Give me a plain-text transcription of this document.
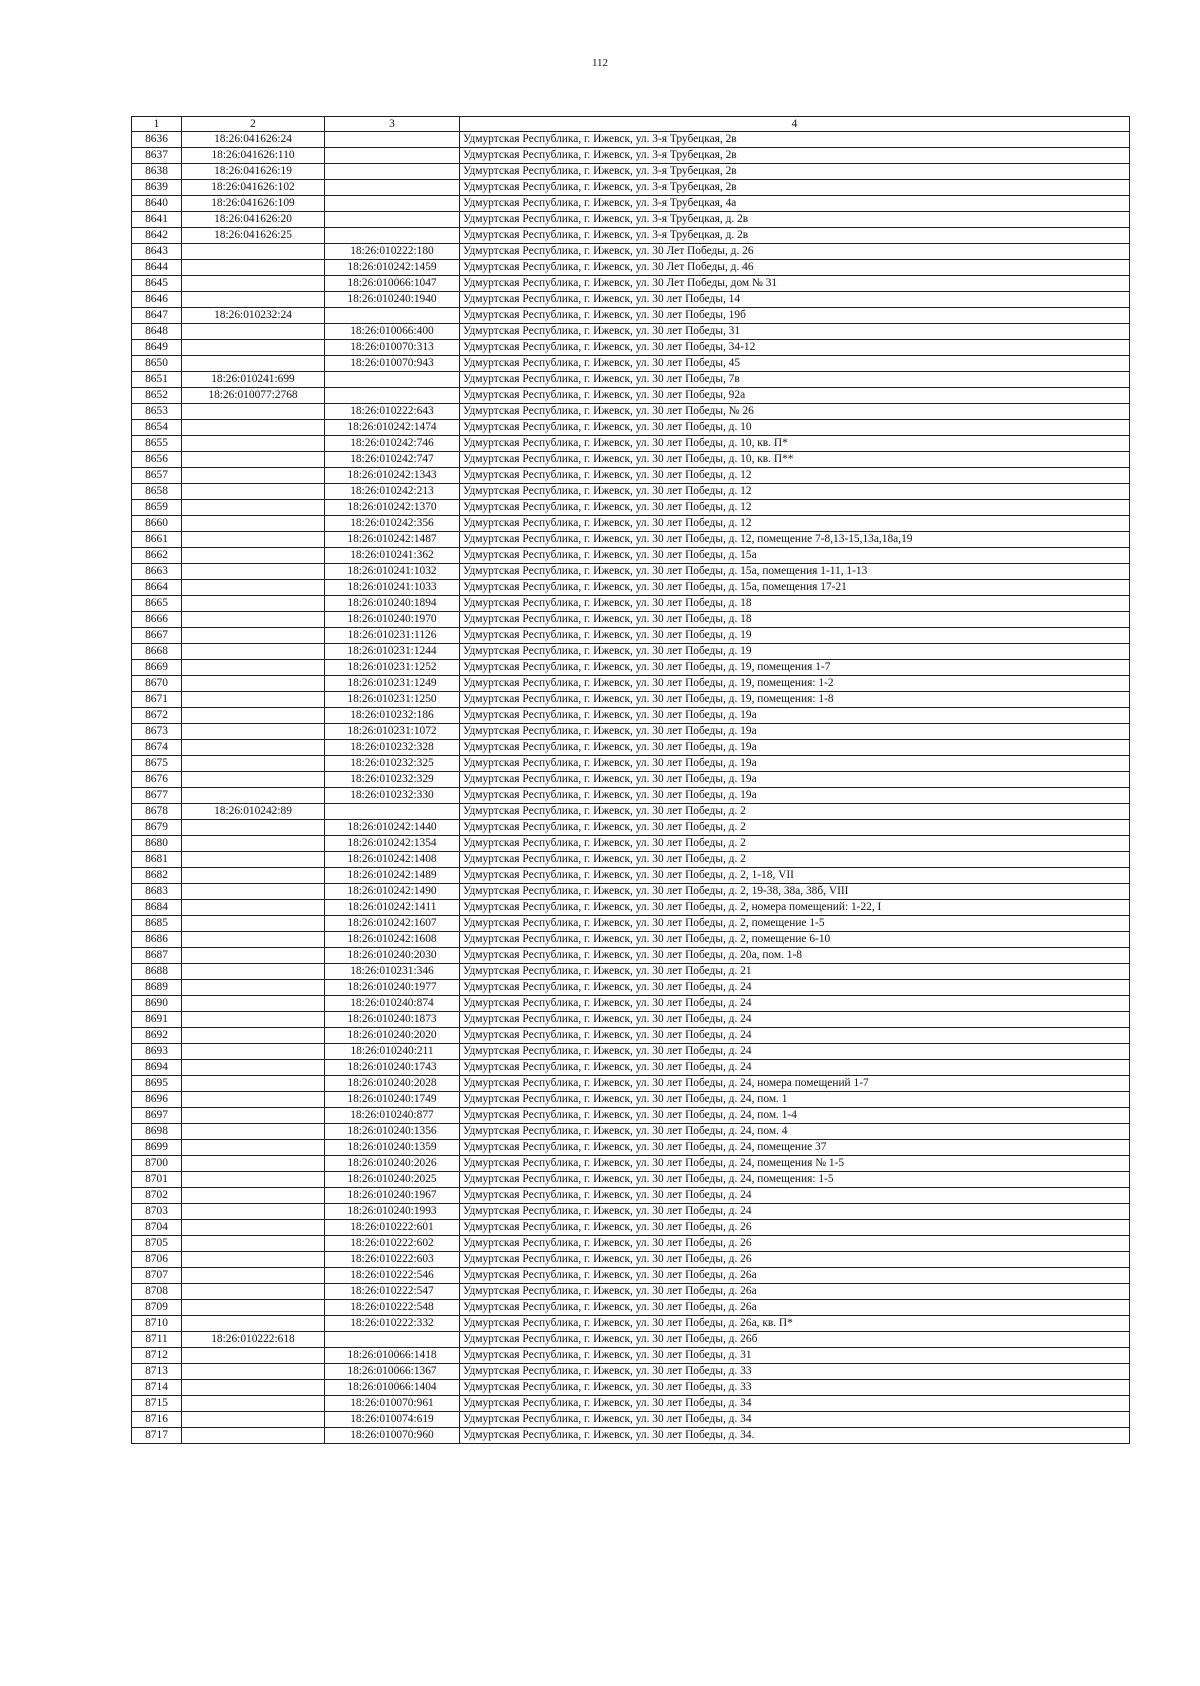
112
1	2	3	4
8636	18:26:041626:24		Удмуртская Республика, г. Ижевск, ул. 3-я Трубецкая, 2в
8637	18:26:041626:110		Удмуртская Республика, г. Ижевск, ул. 3-я Трубецкая, 2в
8638	18:26:041626:19		Удмуртская Республика, г. Ижевск, ул. 3-я Трубецкая, 2в
8639	18:26:041626:102		Удмуртская Республика, г. Ижевск, ул. 3-я Трубецкая, 2в
8640	18:26:041626:109		Удмуртская Республика, г. Ижевск, ул. 3-я Трубецкая, 4а
8641	18:26:041626:20		Удмуртская Республика, г. Ижевск, ул. 3-я Трубецкая, д. 2в
8642	18:26:041626:25		Удмуртская Республика, г. Ижевск, ул. 3-я Трубецкая, д. 2в
8643		18:26:010222:180	Удмуртская Республика, г. Ижевск, ул. 30 Лет Победы, д. 26
8644		18:26:010242:1459	Удмуртская Республика, г. Ижевск, ул. 30 Лет Победы, д. 46
8645		18:26:010066:1047	Удмуртская Республика, г. Ижевск, ул. 30 Лет Победы, дом № 31
8646		18:26:010240:1940	Удмуртская Республика, г. Ижевск, ул. 30 лет Победы, 14
8647	18:26:010232:24		Удмуртская Республика, г. Ижевск, ул. 30 лет Победы, 19б
8648		18:26:010066:400	Удмуртская Республика, г. Ижевск, ул. 30 лет Победы, 31
8649		18:26:010070:313	Удмуртская Республика, г. Ижевск, ул. 30 лет Победы, 34-12
8650		18:26:010070:943	Удмуртская Республика, г. Ижевск, ул. 30 лет Победы, 45
8651	18:26:010241:699		Удмуртская Республика, г. Ижевск, ул. 30 лет Победы, 7в
8652	18:26:010077:2768		Удмуртская Республика, г. Ижевск, ул. 30 лет Победы, 92а
8653		18:26:010222:643	Удмуртская Республика, г. Ижевск, ул. 30 лет Победы, № 26
8654		18:26:010242:1474	Удмуртская Республика, г. Ижевск, ул. 30 лет Победы, д. 10
8655		18:26:010242:746	Удмуртская Республика, г. Ижевск, ул. 30 лет Победы, д. 10, кв. П*
8656		18:26:010242:747	Удмуртская Республика, г. Ижевск, ул. 30 лет Победы, д. 10, кв. П**
8657		18:26:010242:1343	Удмуртская Республика, г. Ижевск, ул. 30 лет Победы, д. 12
8658		18:26:010242:213	Удмуртская Республика, г. Ижевск, ул. 30 лет Победы, д. 12
8659		18:26:010242:1370	Удмуртская Республика, г. Ижевск, ул. 30 лет Победы, д. 12
8660		18:26:010242:356	Удмуртская Республика, г. Ижевск, ул. 30 лет Победы, д. 12
8661		18:26:010242:1487	Удмуртская Республика, г. Ижевск, ул. 30 лет Победы, д. 12, помещение 7-8,13-15,13а,18а,19
8662		18:26:010241:362	Удмуртская Республика, г. Ижевск, ул. 30 лет Победы, д. 15а
8663		18:26:010241:1032	Удмуртская Республика, г. Ижевск, ул. 30 лет Победы, д. 15а, помещения 1-11, 1-13
8664		18:26:010241:1033	Удмуртская Республика, г. Ижевск, ул. 30 лет Победы, д. 15а, помещения 17-21
8665		18:26:010240:1894	Удмуртская Республика, г. Ижевск, ул. 30 лет Победы, д. 18
8666		18:26:010240:1970	Удмуртская Республика, г. Ижевск, ул. 30 лет Победы, д. 18
8667		18:26:010231:1126	Удмуртская Республика, г. Ижевск, ул. 30 лет Победы, д. 19
8668		18:26:010231:1244	Удмуртская Республика, г. Ижевск, ул. 30 лет Победы, д. 19
8669		18:26:010231:1252	Удмуртская Республика, г. Ижевск, ул. 30 лет Победы, д. 19, помещения 1-7
8670		18:26:010231:1249	Удмуртская Республика, г. Ижевск, ул. 30 лет Победы, д. 19, помещения: 1-2
8671		18:26:010231:1250	Удмуртская Республика, г. Ижевск, ул. 30 лет Победы, д. 19, помещения: 1-8
8672		18:26:010232:186	Удмуртская Республика, г. Ижевск, ул. 30 лет Победы, д. 19а
8673		18:26:010231:1072	Удмуртская Республика, г. Ижевск, ул. 30 лет Победы, д. 19а
8674		18:26:010232:328	Удмуртская Республика, г. Ижевск, ул. 30 лет Победы, д. 19а
8675		18:26:010232:325	Удмуртская Республика, г. Ижевск, ул. 30 лет Победы, д. 19а
8676		18:26:010232:329	Удмуртская Республика, г. Ижевск, ул. 30 лет Победы, д. 19а
8677		18:26:010232:330	Удмуртская Республика, г. Ижевск, ул. 30 лет Победы, д. 19а
8678	18:26:010242:89		Удмуртская Республика, г. Ижевск, ул. 30 лет Победы, д. 2
8679		18:26:010242:1440	Удмуртская Республика, г. Ижевск, ул. 30 лет Победы, д. 2
8680		18:26:010242:1354	Удмуртская Республика, г. Ижевск, ул. 30 лет Победы, д. 2
8681		18:26:010242:1408	Удмуртская Республика, г. Ижевск, ул. 30 лет Победы, д. 2
8682		18:26:010242:1489	Удмуртская Республика, г. Ижевск, ул. 30 лет Победы, д. 2, 1-18, VII
8683		18:26:010242:1490	Удмуртская Республика, г. Ижевск, ул. 30 лет Победы, д. 2, 19-38, 38а, 38б, VIII
8684		18:26:010242:1411	Удмуртская Республика, г. Ижевск, ул. 30 лет Победы, д. 2, номера помещений: 1-22, I
8685		18:26:010242:1607	Удмуртская Республика, г. Ижевск, ул. 30 лет Победы, д. 2, помещение 1-5
8686		18:26:010242:1608	Удмуртская Республика, г. Ижевск, ул. 30 лет Победы, д. 2, помещение 6-10
8687		18:26:010240:2030	Удмуртская Республика, г. Ижевск, ул. 30 лет Победы, д. 20а, пом. 1-8
8688		18:26:010231:346	Удмуртская Республика, г. Ижевск, ул. 30 лет Победы, д. 21
8689		18:26:010240:1977	Удмуртская Республика, г. Ижевск, ул. 30 лет Победы, д. 24
8690		18:26:010240:874	Удмуртская Республика, г. Ижевск, ул. 30 лет Победы, д. 24
8691		18:26:010240:1873	Удмуртская Республика, г. Ижевск, ул. 30 лет Победы, д. 24
8692		18:26:010240:2020	Удмуртская Республика, г. Ижевск, ул. 30 лет Победы, д. 24
8693		18:26:010240:211	Удмуртская Республика, г. Ижевск, ул. 30 лет Победы, д. 24
8694		18:26:010240:1743	Удмуртская Республика, г. Ижевск, ул. 30 лет Победы, д. 24
8695		18:26:010240:2028	Удмуртская Республика, г. Ижевск, ул. 30 лет Победы, д. 24, номера помещений 1-7
8696		18:26:010240:1749	Удмуртская Республика, г. Ижевск, ул. 30 лет Победы, д. 24, пом. 1
8697		18:26:010240:877	Удмуртская Республика, г. Ижевск, ул. 30 лет Победы, д. 24, пом. 1-4
8698		18:26:010240:1356	Удмуртская Республика, г. Ижевск, ул. 30 лет Победы, д. 24, пом. 4
8699		18:26:010240:1359	Удмуртская Республика, г. Ижевск, ул. 30 лет Победы, д. 24, помещение 37
8700		18:26:010240:2026	Удмуртская Республика, г. Ижевск, ул. 30 лет Победы, д. 24, помещения № 1-5
8701		18:26:010240:2025	Удмуртская Республика, г. Ижевск, ул. 30 лет Победы, д. 24, помещения: 1-5
8702		18:26:010240:1967	Удмуртская Республика, г. Ижевск, ул. 30 лет Победы, д. 24
8703		18:26:010240:1993	Удмуртская Республика, г. Ижевск, ул. 30 лет Победы, д. 24
8704		18:26:010222:601	Удмуртская Республика, г. Ижевск, ул. 30 лет Победы, д. 26
8705		18:26:010222:602	Удмуртская Республика, г. Ижевск, ул. 30 лет Победы, д. 26
8706		18:26:010222:603	Удмуртская Республика, г. Ижевск, ул. 30 лет Победы, д. 26
8707		18:26:010222:546	Удмуртская Республика, г. Ижевск, ул. 30 лет Победы, д. 26а
8708		18:26:010222:547	Удмуртская Республика, г. Ижевск, ул. 30 лет Победы, д. 26а
8709		18:26:010222:548	Удмуртская Республика, г. Ижевск, ул. 30 лет Победы, д. 26а
8710		18:26:010222:332	Удмуртская Республика, г. Ижевск, ул. 30 лет Победы, д. 26а, кв. П*
8711	18:26:010222:618		Удмуртская Республика, г. Ижевск, ул. 30 лет Победы, д. 26б
8712		18:26:010066:1418	Удмуртская Республика, г. Ижевск, ул. 30 лет Победы, д. 31
8713		18:26:010066:1367	Удмуртская Республика, г. Ижевск, ул. 30 лет Победы, д. 33
8714		18:26:010066:1404	Удмуртская Республика, г. Ижевск, ул. 30 лет Победы, д. 33
8715		18:26:010070:961	Удмуртская Республика, г. Ижевск, ул. 30 лет Победы, д. 34
8716		18:26:010074:619	Удмуртская Республика, г. Ижевск, ул. 30 лет Победы, д. 34
8717		18:26:010070:960	Удмуртская Республика, г. Ижевск, ул. 30 лет Победы, д. 34.
